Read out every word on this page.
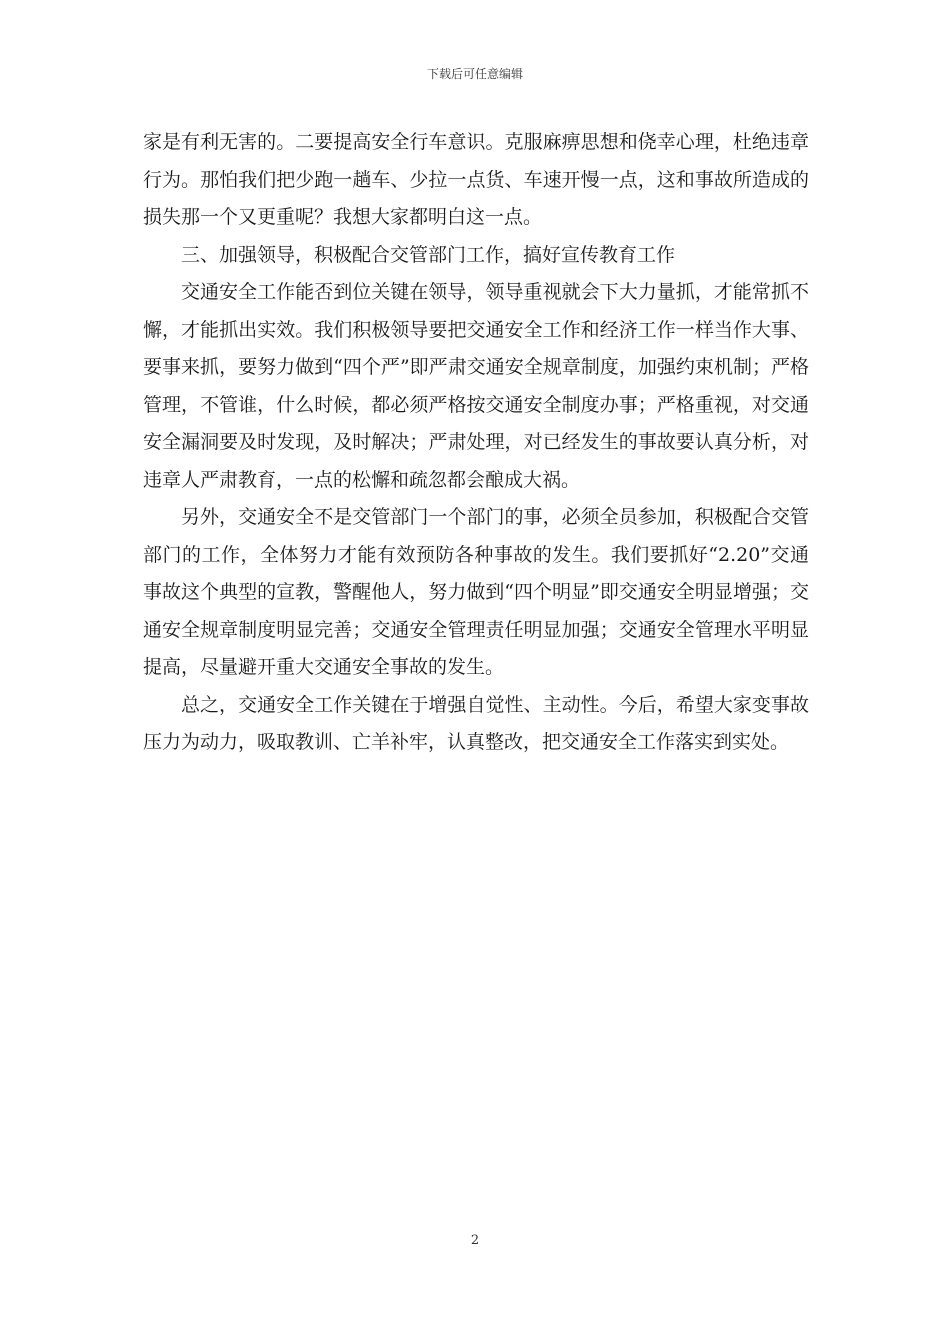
下载后可任意编辑

家是有利无害的。二要提高安全行车意识。克服麻痹思想和侥幸心理，杜绝违章行为。那怕我们把少跑一趟车、少拉一点货、车速开慢一点，这和事故所造成的损失那一个又更重呢？我想大家都明白这一点。

三、加强领导，积极配合交管部门工作，搞好宣传教育工作

交通安全工作能否到位关键在领导，领导重视就会下大力量抓，才能常抓不懈，才能抓出实效。我们积极领导要把交通安全工作和经济工作一样当作大事、要事来抓，要努力做到“四个严”即严肃交通安全规章制度，加强约束机制；严格管理，不管谁，什么时候，都必须严格按交通安全制度办事；严格重视，对交通安全漏洞要及时发现，及时解决；严肃处理，对已经发生的事故要认真分析，对违章人严肃教育，一点的松懈和疏忽都会酿成大祸。

另外，交通安全不是交管部门一个部门的事，必须全员参加，积极配合交管部门的工作，全体努力才能有效预防各种事故的发生。我们要抓好“2.20”交通事故这个典型的宣教，警醒他人，努力做到“四个明显”即交通安全明显增强；交通安全规章制度明显完善；交通安全管理责任明显加强；交通安全管理水平明显提高，尽量避开重大交通安全事故的发生。

总之，交通安全工作关键在于增强自觉性、主动性。今后，希望大家变事故压力为动力，吸取教训、亡羊补牢，认真整改，把交通安全工作落实到实处。

2
